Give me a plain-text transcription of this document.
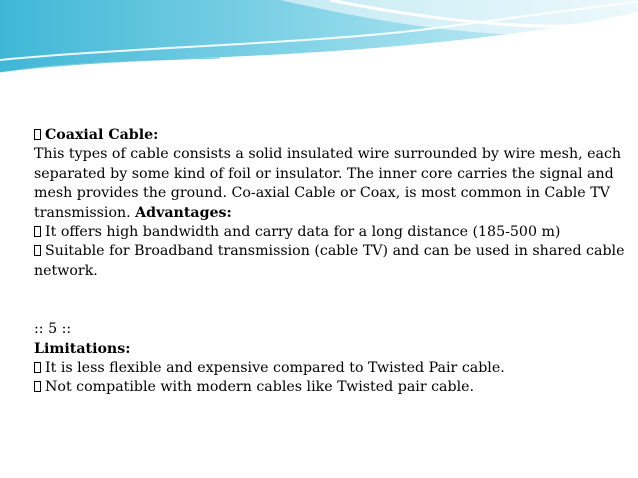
Coaxial Cable:
This types of cable consists a solid insulated wire surrounded by wire mesh, each
separated by some kind of foil or insulator. The inner core carries the signal and
mesh provides the ground. Co-axial Cable or Coax, is most common in Cable TV
transmission. Advantages:
It offers high bandwidth and carry data for a long distance (185-500 m)
Suitable for Broadband transmission (cable TV) and can be used in shared cable
network.
:: 5 ::
Limitations:
It is less flexible and expensive compared to Twisted Pair cable.
Not compatible with modern cables like Twisted pair cable.
